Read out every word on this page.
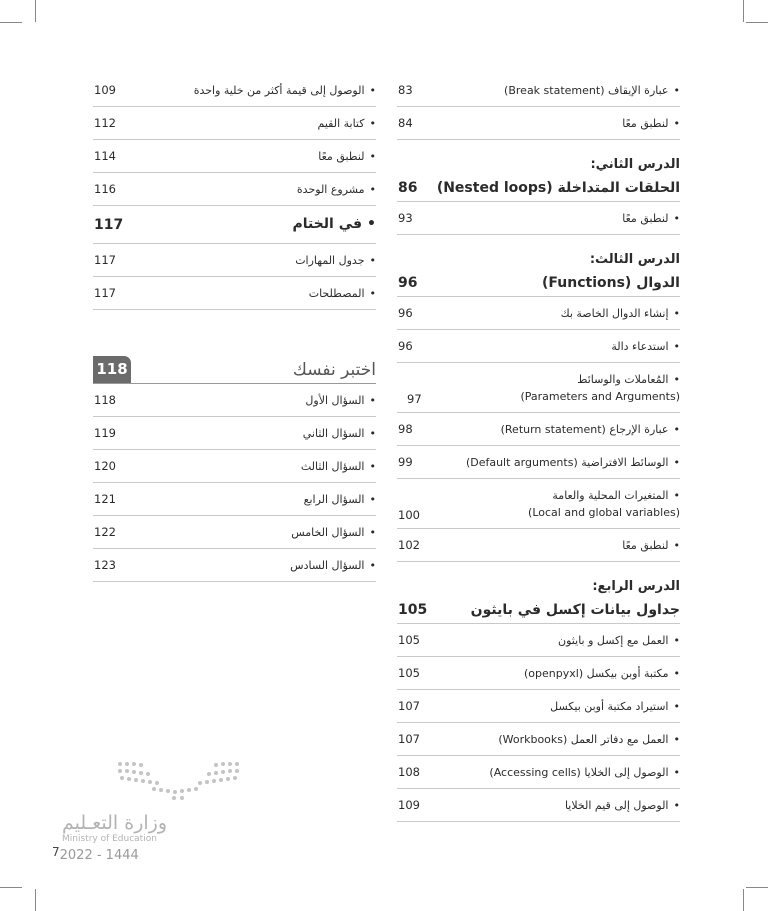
• الوصول إلى قيمة أكثر من خلية واحدة
109
• كتابة القيم
112
• لنطبق معًا
114
• مشروع الوحدة
116
• في الختام
117
• جدول المهارات
117
• المصطلحات
117
اختبر نفسك
118
• السؤال الأول
118
• السؤال الثاني
119
• السؤال الثالث
120
• السؤال الرابع
121
• السؤال الخامس
122
• السؤال السادس
123
• عبارة الإيقاف (Break statement)
83
• لنطبق معًا
84
الدرس الثاني:
الحلقات المتداخلة (Nested loops)
86
• لنطبق معًا
93
الدرس الثالث:
الدوال (Functions)
96
• إنشاء الدوال الخاصة بك
96
• استدعاء دالة
96
• المُعاملات والوسائط
(Parameters and Arguments)
97
• عبارة الإرجاع (Return statement)
98
• الوسائط الافتراضية (Default arguments)
99
• المتغيرات المحلية والعامة
(Local and global variables)
100
• لنطبق معًا
102
الدرس الرابع:
جداول بيانات إكسل في بايثون
105
• العمل مع إكسل و بايثون
105
• مكتبة أوبن بيكسل (openpyxl)
105
• استيراد مكتبة أوبن بيكسل
107
• العمل مع دفاتر العمل (Workbooks)
107
• الوصول إلى الخلايا (Accessing cells)
108
• الوصول إلى قيم الخلايا
109
وزارة التعـليم
Ministry of Education
72022 - 1444
